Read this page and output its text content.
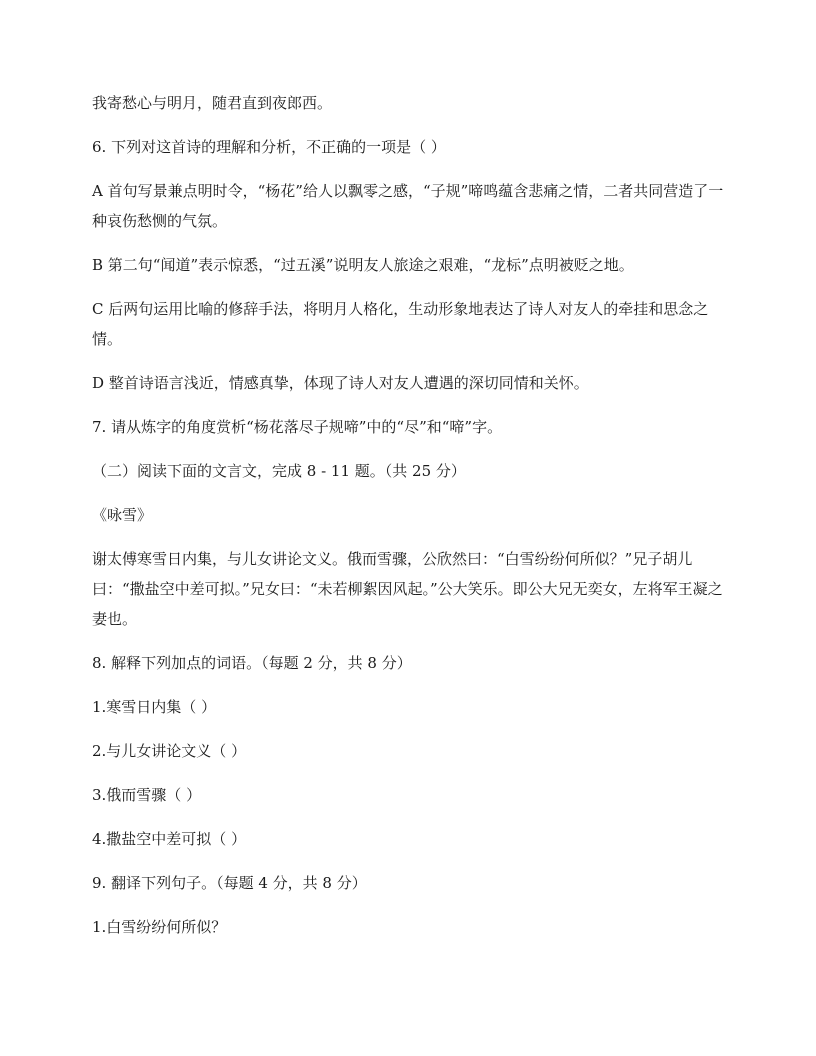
我寄愁心与明月，随君直到夜郎西。

6. 下列对这首诗的理解和分析，不正确的一项是（ ）

A 首句写景兼点明时令，“杨花”给人以飘零之感，“子规”啼鸣蕴含悲痛之情，二者共同营造了一种哀伤愁恻的气氛。

B 第二句“闻道”表示惊悉，“过五溪”说明友人旅途之艰难，“龙标”点明被贬之地。

C 后两句运用比喻的修辞手法，将明月人格化，生动形象地表达了诗人对友人的牵挂和思念之情。

D 整首诗语言浅近，情感真挚，体现了诗人对友人遭遇的深切同情和关怀。

7. 请从炼字的角度赏析“杨花落尽子规啼”中的“尽”和“啼”字。

（二）阅读下面的文言文，完成 8 - 11 题。（共 25 分）

《咏雪》

谢太傅寒雪日内集，与儿女讲论文义。俄而雪骤，公欣然曰：“白雪纷纷何所似？”兄子胡儿曰：“撒盐空中差可拟。”兄女曰：“未若柳絮因风起。”公大笑乐。即公大兄无奕女，左将军王凝之妻也。

8. 解释下列加点的词语。（每题 2 分，共 8 分）

1.寒雪日内集（ ）

2.与儿女讲论文义（ ）

3.俄而雪骤（ ）

4.撒盐空中差可拟（ ）

9. 翻译下列句子。（每题 4 分，共 8 分）

1.白雪纷纷何所似？
